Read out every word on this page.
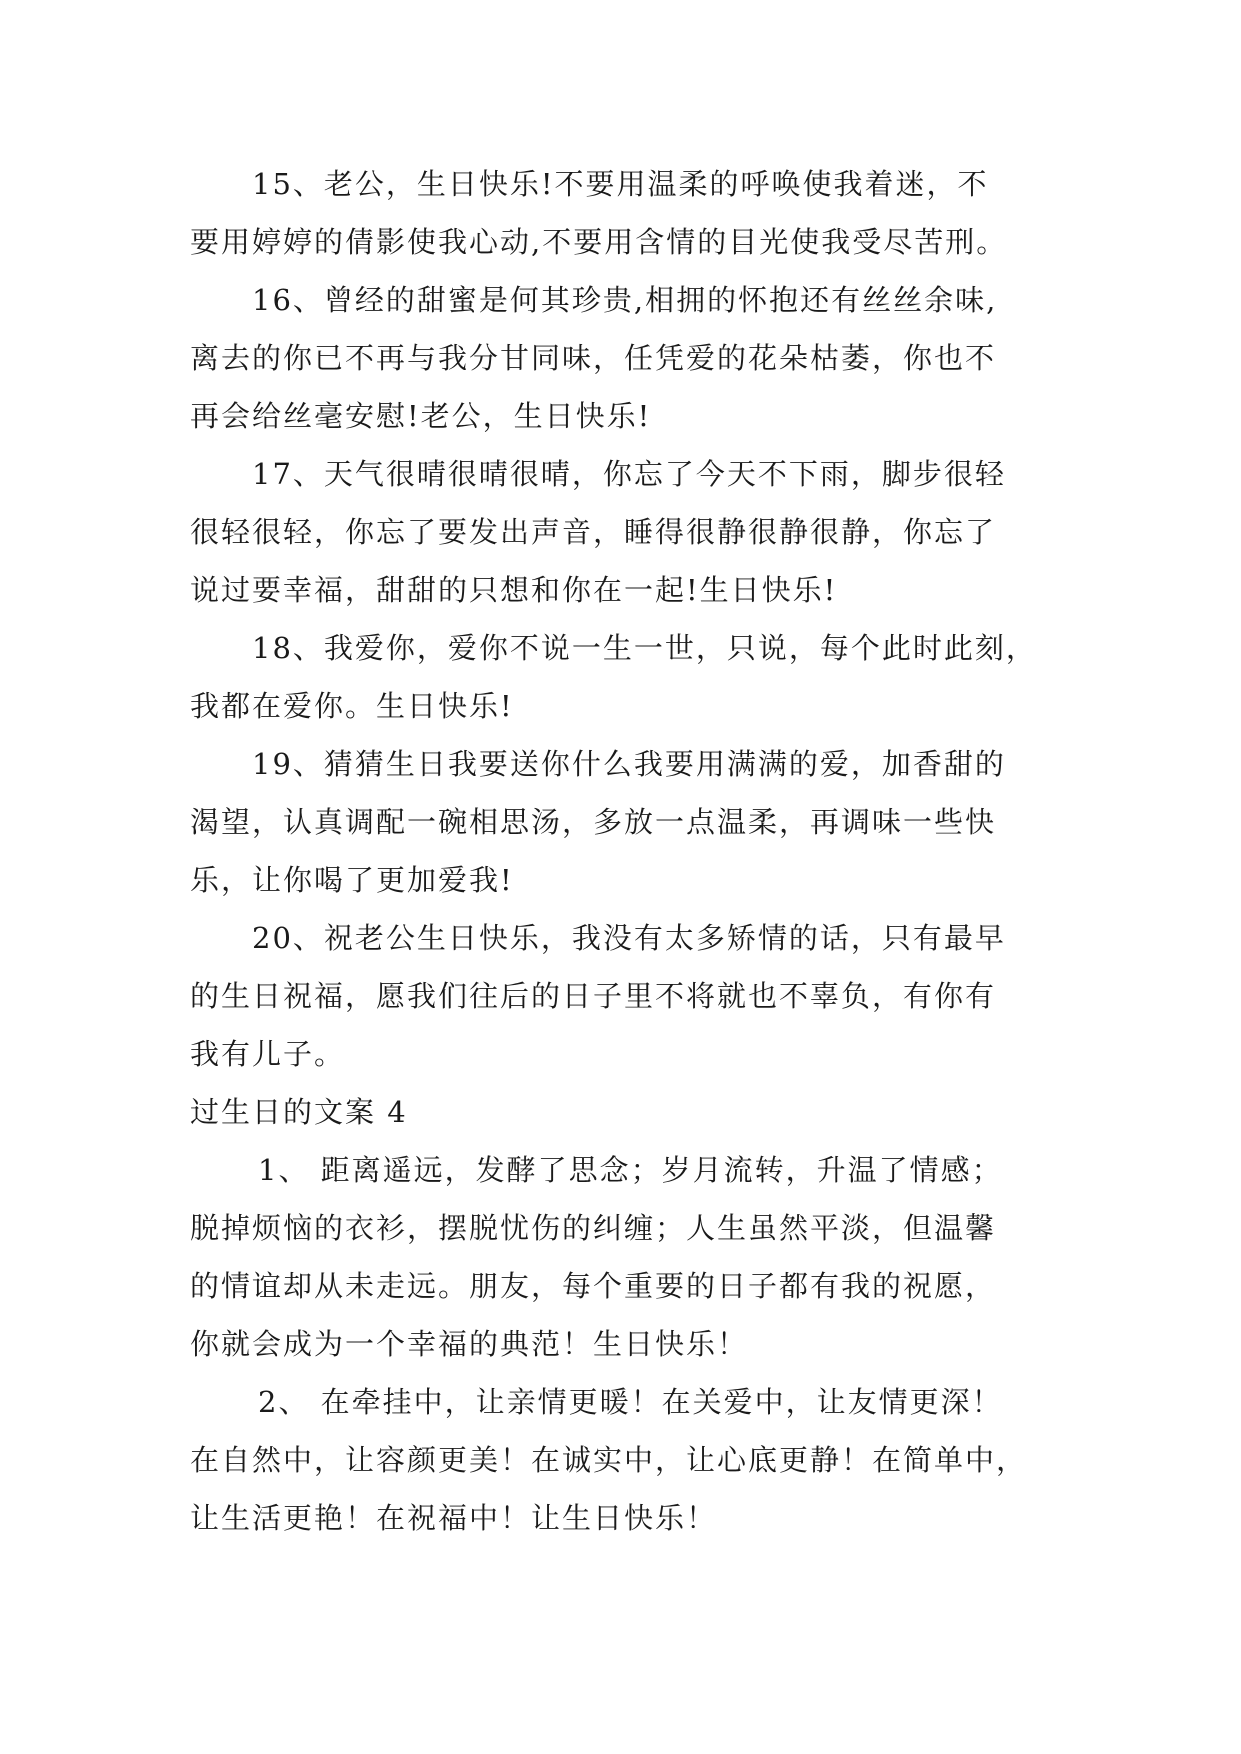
15、老公，生日快乐!不要用温柔的呼唤使我着迷，不
要用婷婷的倩影使我心动,不要用含情的目光使我受尽苦刑。
16、曾经的甜蜜是何其珍贵,相拥的怀抱还有丝丝余味,
离去的你已不再与我分甘同味，任凭爱的花朵枯萎，你也不
再会给丝毫安慰!老公，生日快乐!
17、天气很晴很晴很晴，你忘了今天不下雨，脚步很轻
很轻很轻，你忘了要发出声音，睡得很静很静很静，你忘了
说过要幸福，甜甜的只想和你在一起!生日快乐!
18、我爱你，爱你不说一生一世，只说，每个此时此刻，
我都在爱你。生日快乐!
19、猜猜生日我要送你什么我要用满满的爱，加香甜的
渴望，认真调配一碗相思汤，多放一点温柔，再调味一些快
乐，让你喝了更加爱我!
20、祝老公生日快乐，我没有太多矫情的话，只有最早
的生日祝福，愿我们往后的日子里不将就也不辜负，有你有
我有儿子。
过生日的文案 4
1、 距离遥远，发酵了思念；岁月流转，升温了情感；
脱掉烦恼的衣衫，摆脱忧伤的纠缠；人生虽然平淡，但温馨
的情谊却从未走远。朋友，每个重要的日子都有我的祝愿，
你就会成为一个幸福的典范！生日快乐！
2、 在牵挂中，让亲情更暖！在关爱中，让友情更深！
在自然中，让容颜更美！在诚实中，让心底更静！在简单中，
让生活更艳！在祝福中！让生日快乐！
